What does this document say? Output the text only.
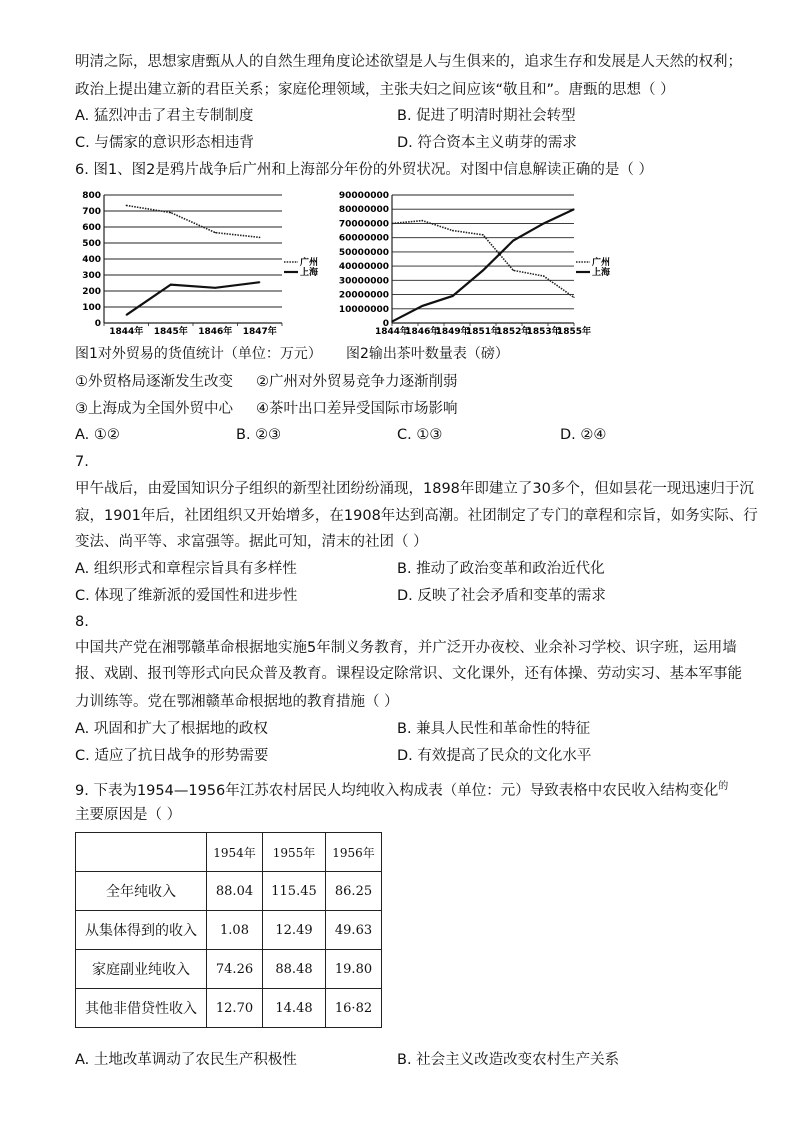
明清之际，思想家唐甄从人的自然生理角度论述欲望是人与生俱来的，追求生存和发展是人天然的权利；
政治上提出建立新的君臣关系；家庭伦理领域，主张夫妇之间应该“敬且和”。唐甄的思想（ ）
A. 猛烈冲击了君主专制制度	B. 促进了明清时期社会转型
C. 与儒家的意识形态相违背	D. 符合资本主义萌芽的需求
6. 图1、图2是鸦片战争后广州和上海部分年份的外贸状况。对图中信息解读正确的是（ ）
0
100
200
300
400
500
600
700
800
1844年 1845年 1846年 1847年
广州
上海
0
10000000
20000000
30000000
40000000
50000000
60000000
70000000
80000000
90000000
1844年
1846年
1849年
1851年
1852年
1853年
1855年
广州
上海
图1对外贸易的货值统计（单位：万元） 图2输出茶叶数量表（磅）
①外贸格局逐渐发生改变 ②广州对外贸易竞争力逐渐削弱
③上海成为全国外贸中心 ④茶叶出口差异受国际市场影响
A. ①②	B. ②③	C. ①③	D. ②④
7.
甲午战后，由爱国知识分子组织的新型社团纷纷涌现，1898年即建立了30多个，但如昙花一现迅速归于沉
寂，1901年后，社团组织又开始增多，在1908年达到高潮。社团制定了专门的章程和宗旨，如务实际、行
变法、尚平等、求富强等。据此可知，清末的社团（ ）
A. 组织形式和章程宗旨具有多样性	B. 推动了政治变革和政治近代化
C. 体现了维新派的爱国性和进步性	D. 反映了社会矛盾和变革的需求
8.
中国共产党在湘鄂赣革命根据地实施5年制义务教育，并广泛开办夜校、业余补习学校、识字班，运用墙
报、戏剧、报刊等形式向民众普及教育。课程设定除常识、文化课外，还有体操、劳动实习、基本军事能
力训练等。党在鄂湘赣革命根据地的教育措施（ ）
A. 巩固和扩大了根据地的政权	B. 兼具人民性和革命性的特征
C. 适应了抗日战争的形势需要	D. 有效提高了民众的文化水平
9. 下表为1954—1956年江苏农村居民人均纯收入构成表（单位：元）导致表格中农民收入结构变化$^的$
主要原因是（ ）
	1954年	1955年	1956年
全年纯收入	88.04	115.45	86.25
从集体得到的收入	1.08	12.49	49.63
家庭副业纯收入	74.26	88.48	19.80
其他非借贷性收入	12.70	14.48	16·82
A. 土地改革调动了农民生产积极性	B. 社会主义改造改变农村生产关系
